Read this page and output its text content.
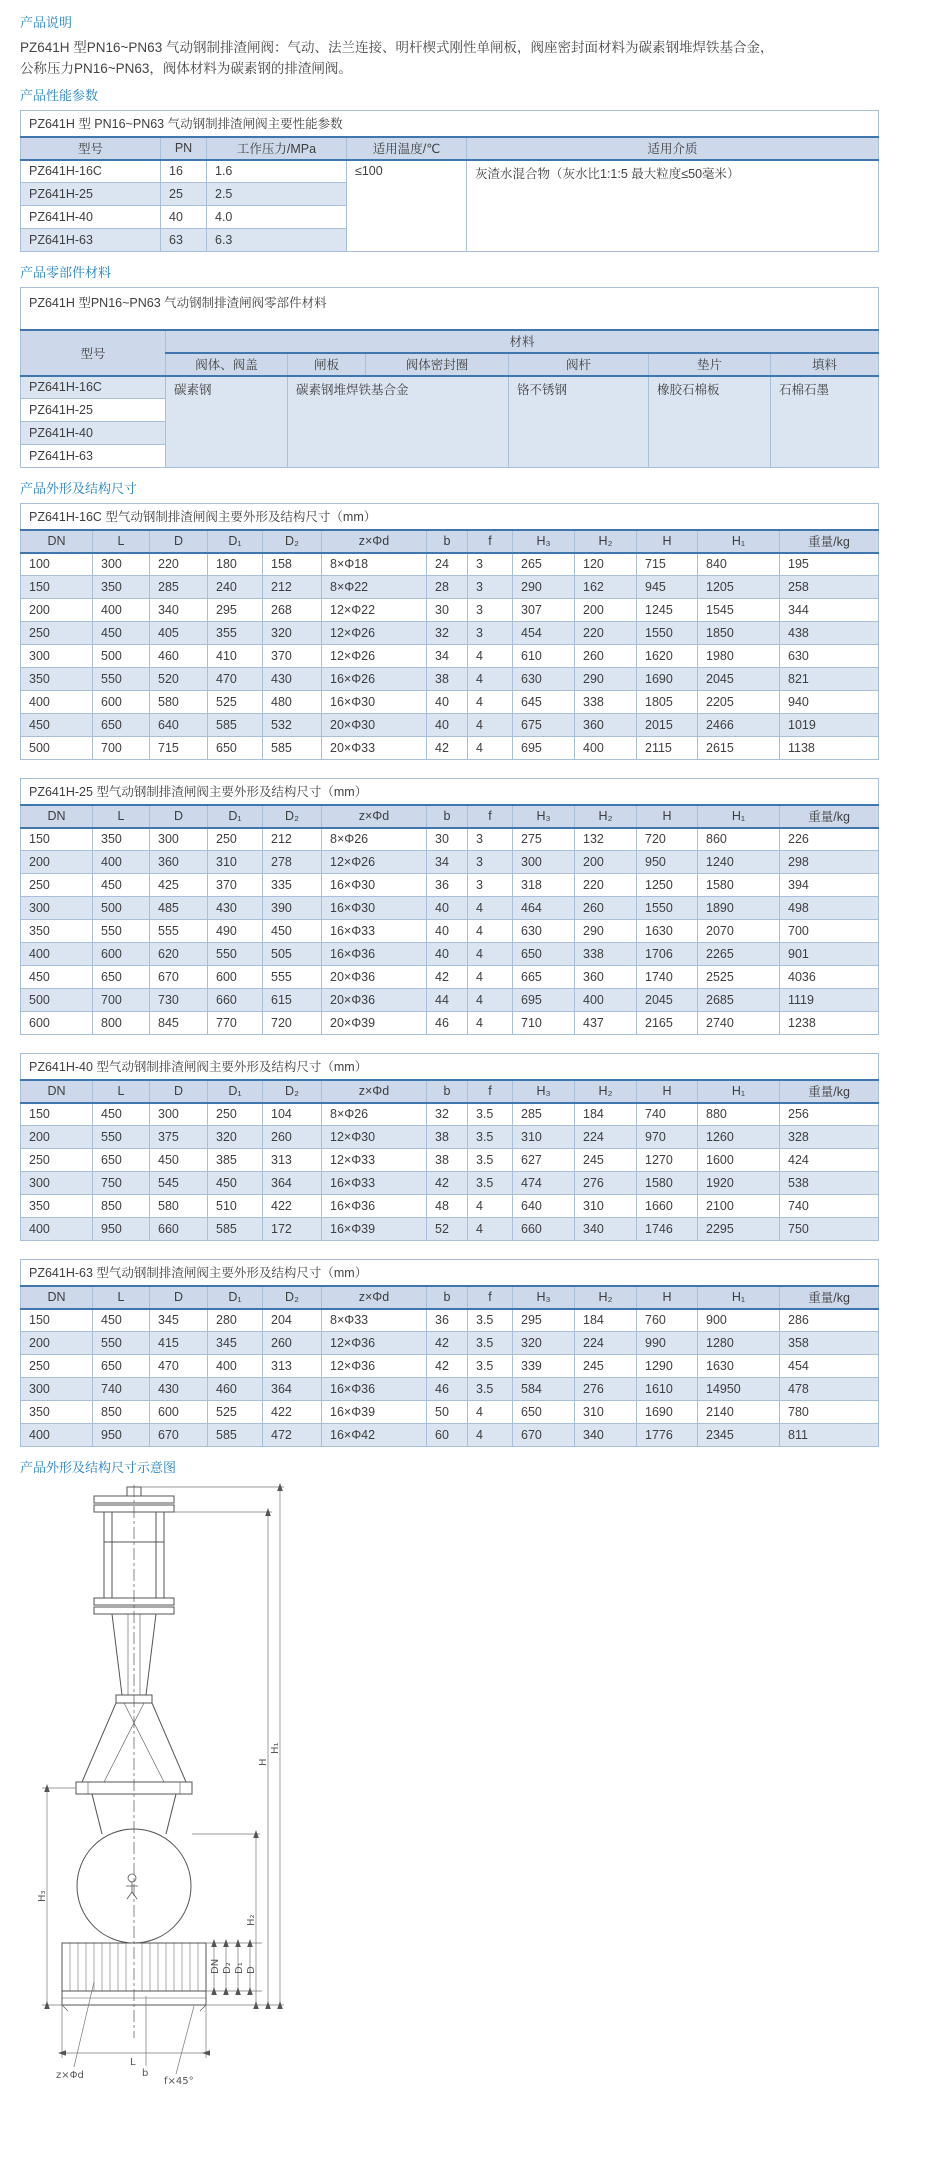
产品说明
PZ641H 型PN16~PN63 气动钢制排渣闸阀：气动、法兰连接、明杆楔式刚性单闸板，阀座密封面材料为碳素钢堆焊铁基合金，
公称压力PN16~PN63，阀体材料为碳素钢的排渣闸阀。
产品性能参数
PZ641H 型 PN16~PN63 气动钢制排渣闸阀主要性能参数				
型号	PN	工作压力/MPa	适用温度/℃	适用介质
PZ641H-16C	16	1.6	≤100	灰渣水混合物（灰水比1:1:5 最大粒度≤50毫米）
PZ641H-25	25	2.5		
PZ641H-40	40	4.0		
PZ641H-63	63	6.3		
产品零部件材料
PZ641H 型PN16~PN63 气动钢制排渣闸阀零部件材料						
型号	材料					
	阀体、阀盖	闸板	阀体密封圈	阀杆	垫片	填料
PZ641H-16C	碳素钢	碳素钢堆焊铁基合金		铬不锈钢	橡胶石棉板	石棉石墨
PZ641H-25						
PZ641H-40						
PZ641H-63						
产品外形及结构尺寸
PZ641H-16C 型气动钢制排渣闸阀主要外形及结构尺寸（mm）												
DN	L	D	D₁	D₂	z×Φd	b	f	H₃	H₂	H	H₁	重量/kg
100	300	220	180	158	8×Φ18	24	3	265	120	715	840	195
150	350	285	240	212	8×Φ22	28	3	290	162	945	1205	258
200	400	340	295	268	12×Φ22	30	3	307	200	1245	1545	344
250	450	405	355	320	12×Φ26	32	3	454	220	1550	1850	438
300	500	460	410	370	12×Φ26	34	4	610	260	1620	1980	630
350	550	520	470	430	16×Φ26	38	4	630	290	1690	2045	821
400	600	580	525	480	16×Φ30	40	4	645	338	1805	2205	940
450	650	640	585	532	20×Φ30	40	4	675	360	2015	2466	1019
500	700	715	650	585	20×Φ33	42	4	695	400	2115	2615	1138
PZ641H-25 型气动钢制排渣闸阀主要外形及结构尺寸（mm）												
DN	L	D	D₁	D₂	z×Φd	b	f	H₃	H₂	H	H₁	重量/kg
150	350	300	250	212	8×Φ26	30	3	275	132	720	860	226
200	400	360	310	278	12×Φ26	34	3	300	200	950	1240	298
250	450	425	370	335	16×Φ30	36	3	318	220	1250	1580	394
300	500	485	430	390	16×Φ30	40	4	464	260	1550	1890	498
350	550	555	490	450	16×Φ33	40	4	630	290	1630	2070	700
400	600	620	550	505	16×Φ36	40	4	650	338	1706	2265	901
450	650	670	600	555	20×Φ36	42	4	665	360	1740	2525	4036
500	700	730	660	615	20×Φ36	44	4	695	400	2045	2685	1119
600	800	845	770	720	20×Φ39	46	4	710	437	2165	2740	1238
PZ641H-40 型气动钢制排渣闸阀主要外形及结构尺寸（mm）												
DN	L	D	D₁	D₂	z×Φd	b	f	H₃	H₂	H	H₁	重量/kg
150	450	300	250	104	8×Φ26	32	3.5	285	184	740	880	256
200	550	375	320	260	12×Φ30	38	3.5	310	224	970	1260	328
250	650	450	385	313	12×Φ33	38	3.5	627	245	1270	1600	424
300	750	545	450	364	16×Φ33	42	3.5	474	276	1580	1920	538
350	850	580	510	422	16×Φ36	48	4	640	310	1660	2100	740
400	950	660	585	172	16×Φ39	52	4	660	340	1746	2295	750
PZ641H-63 型气动钢制排渣闸阀主要外形及结构尺寸（mm）												
DN	L	D	D₁	D₂	z×Φd	b	f	H₃	H₂	H	H₁	重量/kg
150	450	345	280	204	8×Φ33	36	3.5	295	184	760	900	286
200	550	415	345	260	12×Φ36	42	3.5	320	224	990	1280	358
250	650	470	400	313	12×Φ36	42	3.5	339	245	1290	1630	454
300	740	430	460	364	16×Φ36	46	3.5	584	276	1610	14950	478
350	850	600	525	422	16×Φ39	50	4	650	310	1690	2140	780
400	950	670	585	472	16×Φ42	60	4	670	340	1776	2345	811
产品外形及结构尺寸示意图
L
b
f×45°
z×Φd
DN D₂ D₁ D
H₃
H₂
H
H₁
